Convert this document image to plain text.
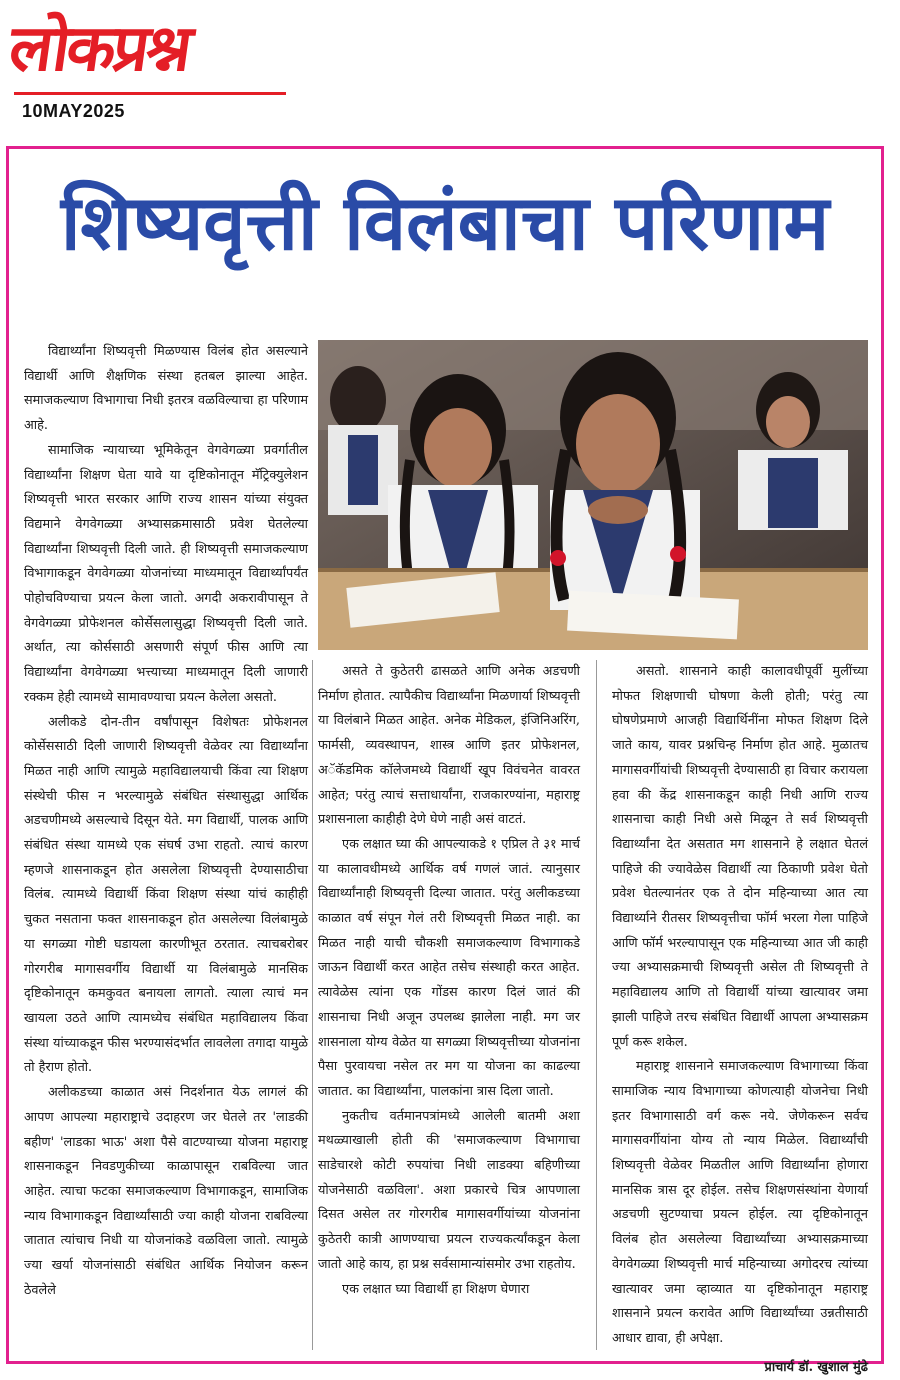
लोकप्रश्न
10MAY2025
शिष्यवृत्ती विलंबाचा परिणाम

विद्यार्थ्यांना शिष्यवृत्ती मिळण्यास विलंब होत असल्याने विद्यार्थी आणि शैक्षणिक संस्था हतबल झाल्या आहेत. समाजकल्याण विभागाचा निधी इतरत्र वळविल्याचा हा परिणाम आहे.

सामाजिक न्यायाच्या भूमिकेतून वेगवेगळ्या प्रवर्गातील विद्यार्थ्यांना शिक्षण घेता यावे या दृष्टिकोनातून मॅट्रिक्युलेशन शिष्यवृत्ती भारत सरकार आणि राज्य शासन यांच्या संयुक्त विद्यमाने वेगवेगळ्या अभ्यासक्रमासाठी प्रवेश घेतलेल्या विद्यार्थ्यांना शिष्यवृत्ती दिली जाते. ही शिष्यवृत्ती समाजकल्याण विभागाकडून वेगवेगळ्या योजनांच्या माध्यमातून विद्यार्थ्यांपर्यंत पोहोचविण्याचा प्रयत्न केला जातो. अगदी अकरावीपासून ते वेगवेगळ्या प्रोफेशनल कोर्सेसलासुद्धा शिष्यवृत्ती दिली जाते. अर्थात, त्या कोर्ससाठी असणारी संपूर्ण फीस आणि त्या विद्यार्थ्यांना वेगवेगळ्या भत्त्याच्या माध्यमातून दिली जाणारी रक्कम हेही त्यामध्ये सामावण्याचा प्रयत्न केलेला असतो.

अलीकडे दोन-तीन वर्षांपासून विशेषतः प्रोफेशनल कोर्सेससाठी दिली जाणारी शिष्यवृत्ती वेळेवर त्या विद्यार्थ्यांना मिळत नाही आणि त्यामुळे महाविद्यालयाची किंवा त्या शिक्षण संस्थेची फीस न भरल्यामुळे संबंधित संस्थासुद्धा आर्थिक अडचणीमध्ये असल्याचे दिसून येते. मग विद्यार्थी, पालक आणि संबंधित संस्था यामध्ये एक संघर्ष उभा राहतो. त्याचं कारण म्हणजे शासनाकडून होत असलेला शिष्यवृत्ती देण्यासाठीचा विलंब. त्यामध्ये विद्यार्थी किंवा शिक्षण संस्था यांचं काहीही चुकत नसताना फक्त शासनाकडून होत असलेल्या विलंबामुळे या सगळ्या गोष्टी घडायला कारणीभूत ठरतात. त्याचबरोबर गोरगरीब मागासवर्गीय विद्यार्थी या विलंबामुळे मानसिक दृष्टिकोनातून कमकुवत बनायला लागतो. त्याला त्याचं मन खायला उठते आणि त्यामध्येच संबंधित महाविद्यालय किंवा संस्था यांच्याकडून फीस भरण्यासंदर्भात लावलेला तगादा यामुळे तो हैराण होतो.

अलीकडच्या काळात असं निदर्शनात येऊ लागलं की आपण आपल्या महाराष्ट्राचे उदाहरण जर घेतले तर 'लाडकी बहीण' 'लाडका भाऊ' अशा पैसे वाटण्याच्या योजना महाराष्ट्र शासनाकडून निवडणुकीच्या काळापासून राबविल्या जात आहेत. त्याचा फटका समाजकल्याण विभागाकडून, सामाजिक न्याय विभागाकडून विद्यार्थ्यांसाठी ज्या काही योजना राबविल्या जातात त्यांचाच निधी या योजनांकडे वळविला जातो. त्यामुळे ज्या खर्या योजनांसाठी संबंधित आर्थिक नियोजन करून ठेवलेले

असते ते कुठेतरी ढासळते आणि अनेक अडचणी निर्माण होतात. त्यापैकीच विद्यार्थ्यांना मिळणार्या शिष्यवृत्ती या विलंबाने मिळत आहेत. अनेक मेडिकल, इंजिनिअरिंग, फार्मसी, व्यवस्थापन, शास्त्र आणि इतर प्रोफेशनल, अॅकॅडमिक कॉलेजमध्ये विद्यार्थी खूप विवंचनेत वावरत आहेत; परंतु त्याचं सत्ताधार्यांना, राजकारण्यांना, महाराष्ट्र प्रशासनाला काहीही देणे घेणे नाही असं वाटतं.

एक लक्षात घ्या की आपल्याकडे १ एप्रिल ते ३१ मार्च या कालावधीमध्ये आर्थिक वर्ष गणलं जातं. त्यानुसार विद्यार्थ्यांनाही शिष्यवृत्ती दिल्या जातात. परंतु अलीकडच्या काळात वर्ष संपून गेलं तरी शिष्यवृत्ती मिळत नाही. का मिळत नाही याची चौकशी समाजकल्याण विभागाकडे जाऊन विद्यार्थी करत आहेत तसेच संस्थाही करत आहेत. त्यावेळेस त्यांना एक गोंडस कारण दिलं जातं की शासनाचा निधी अजून उपलब्ध झालेला नाही. मग जर शासनाला योग्य वेळेत या सगळ्या शिष्यवृत्तीच्या योजनांना पैसा पुरवायचा नसेल तर मग या योजना का काढल्या जातात. का विद्यार्थ्यांना, पालकांना त्रास दिला जातो.

नुकतीच वर्तमानपत्रांमध्ये आलेली बातमी अशा मथळ्याखाली होती की 'समाजकल्याण विभागाचा साडेचारशे कोटी रुपयांचा निधी लाडक्या बहिणीच्या योजनेसाठी वळविला'. अशा प्रकारचे चित्र आपणाला दिसत असेल तर गोरगरीब मागासवर्गीयांच्या योजनांना कुठेतरी कात्री आणण्याचा प्रयत्न राज्यकर्त्यांकडून केला जातो आहे काय, हा प्रश्न सर्वसामान्यांसमोर उभा राहतोय.

एक लक्षात घ्या विद्यार्थी हा शिक्षण घेणारा

असतो. शासनाने काही कालावधीपूर्वी मुलींच्या मोफत शिक्षणाची घोषणा केली होती; परंतु त्या घोषणेप्रमाणे आजही विद्यार्थिनींना मोफत शिक्षण दिले जाते काय, यावर प्रश्नचिन्ह निर्माण होत आहे. मुळातच मागासवर्गीयांची शिष्यवृत्ती देण्यासाठी हा विचार करायला हवा की केंद्र शासनाकडून काही निधी आणि राज्य शासनाचा काही निधी असे मिळून ते सर्व शिष्यवृत्ती विद्यार्थ्यांना देत असतात मग शासनाने हे लक्षात घेतलं पाहिजे की ज्यावेळेस विद्यार्थी त्या ठिकाणी प्रवेश घेतो प्रवेश घेतल्यानंतर एक ते दोन महिन्याच्या आत त्या विद्यार्थ्याने रीतसर शिष्यवृत्तीचा फॉर्म भरला गेला पाहिजे आणि फॉर्म भरल्यापासून एक महिन्याच्या आत जी काही ज्या अभ्यासक्रमाची शिष्यवृत्ती असेल ती शिष्यवृत्ती ते महाविद्यालय आणि तो विद्यार्थी यांच्या खात्यावर जमा झाली पाहिजे तरच संबंधित विद्यार्थी आपला अभ्यासक्रम पूर्ण करू शकेल.

महाराष्ट्र शासनाने समाजकल्याण विभागाच्या किंवा सामाजिक न्याय विभागाच्या कोणत्याही योजनेचा निधी इतर विभागासाठी वर्ग करू नये. जेणेकरून सर्वच मागासवर्गीयांना योग्य तो न्याय मिळेल. विद्यार्थ्यांची शिष्यवृत्ती वेळेवर मिळतील आणि विद्यार्थ्यांना होणारा मानसिक त्रास दूर होईल. तसेच शिक्षणसंस्थांना येणार्या अडचणी सुटण्याचा प्रयत्न होईल. त्या दृष्टिकोनातून विलंब होत असलेल्या विद्यार्थ्यांच्या अभ्यासक्रमाच्या वेगवेगळ्या शिष्यवृत्ती मार्च महिन्याच्या अगोदरच त्यांच्या खात्यावर जमा व्हाव्यात या दृष्टिकोनातून महाराष्ट्र शासनाने प्रयत्न करावेत आणि विद्यार्थ्यांच्या उन्नतीसाठी आधार द्यावा, ही अपेक्षा.

प्राचार्य डॉ. खुशाल मुंढे
